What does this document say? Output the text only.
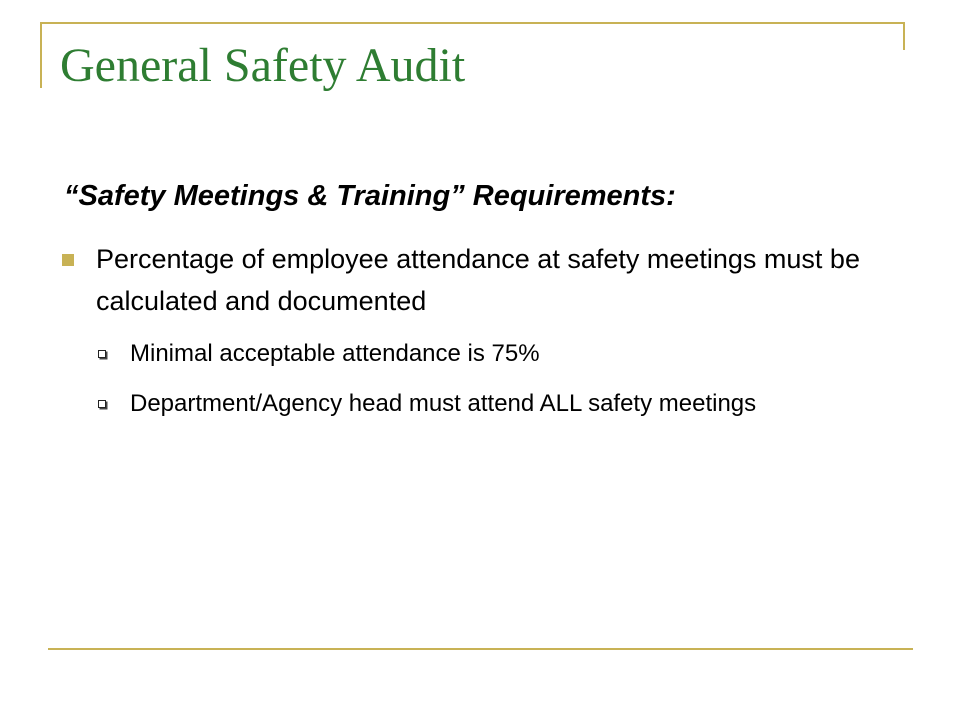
General Safety Audit

“Safety Meetings & Training” Requirements:

Percentage of employee attendance at safety meetings must be calculated and documented
Minimal acceptable attendance is 75%
Department/Agency head must attend ALL safety meetings
